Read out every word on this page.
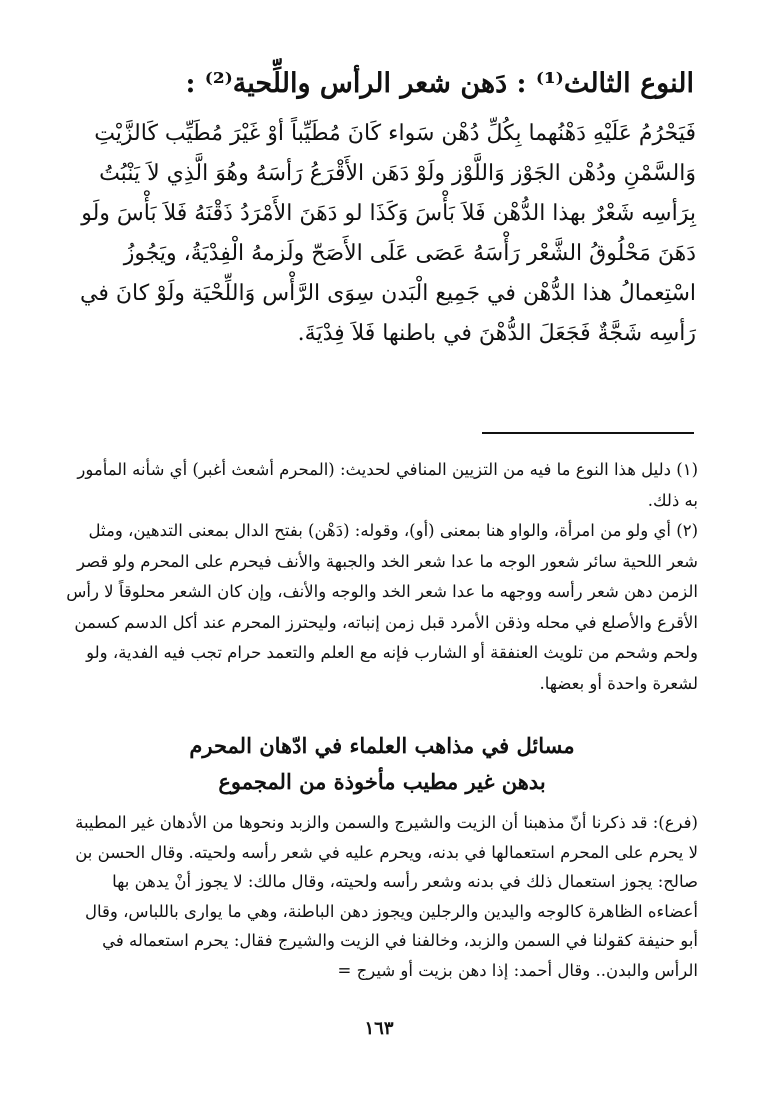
النوع الثالث⁽¹⁾ : دَهن شعر الرأس واللِّحية⁽²⁾ :

فَيَحْرُمُ عَلَيْهِ دَهْنُهما بِكُلِّ دُهْن سَواء كَانَ مُطَيِّباً أوْ غَيْرَ مُطَيِّب كَالزَّيْتِ وَالسَّمْنِ ودُهْن الجَوْز وَاللَّوْز ولَوْ دَهَن الأَقْرَعُ رَأسَهُ وهُوَ الَّذِي لاَ يَنْبُتُ بِرَأسِه شَعْرٌ بهذا الدُّهْن فَلاَ بَأْسَ وَكَذَا لو دَهَنَ الأَمْرَدُ ذَقْنَهُ فَلاَ بَأْسَ ولَو دَهَنَ مَحْلُوقُ الشَّعْر رَأْسَهُ عَصَى عَلَى الأَصَحّ ولَزمهُ الْفِدْيَةُ، ويَجُوزُ اسْتِعمالُ هذا الدُّهْن في جَمِيع الْبَدن سِوَى الرَّأْس وَاللِّحْيَة ولَوْ كانَ في رَأسِه شَجَّةٌ فَجَعَلَ الدُّهْنَ في باطنها فَلاَ فِدْيَةَ.

(١) دليل هذا النوع ما فيه من التزيين المنافي لحديث: (المحرم أشعث أغبر) أي شأنه المأمور به ذلك.

(٢) أي ولو من امرأة، والواو هنا بمعنى (أو)، وقوله: (دَهْن) بفتح الدال بمعنى التدهين، ومثل شعر اللحية سائر شعور الوجه ما عدا شعر الخد والجبهة والأنف فيحرم على المحرم ولو قصر الزمن دهن شعر رأسه ووجهه ما عدا شعر الخد والوجه والأنف، وإن كان الشعر محلوقاً لا رأس الأقرع والأصلع في محله وذقن الأمرد قبل زمن إنباته، وليحترز المحرم عند أكل الدسم كسمن ولحم وشحم من تلويث العنفقة أو الشارب فإنه مع العلم والتعمد حرام تجب فيه الفدية، ولو لشعرة واحدة أو بعضها.

مسائل في مذاهب العلماء في ادّهان المحرم
بدهن غير مطيب مأخوذة من المجموع

(فرع): قد ذكرنا أنّ مذهبنا أن الزيت والشيرج والسمن والزبد ونحوها من الأدهان غير المطيبة لا يحرم على المحرم استعمالها في بدنه، ويحرم عليه في شعر رأسه ولحيته. وقال الحسن بن صالح: يجوز استعمال ذلك في بدنه وشعر رأسه ولحيته، وقال مالك: لا يجوز أنْ يدهن بها أعضاءه الظاهرة كالوجه واليدين والرجلين ويجوز دهن الباطنة، وهي ما يوارى باللباس، وقال أبو حنيفة كقولنا في السمن والزبد، وخالفنا في الزيت والشيرج فقال: يحرم استعماله في الرأس والبدن.. وقال أحمد: إذا دهن بزيت أو شيرج =

١٦٣
